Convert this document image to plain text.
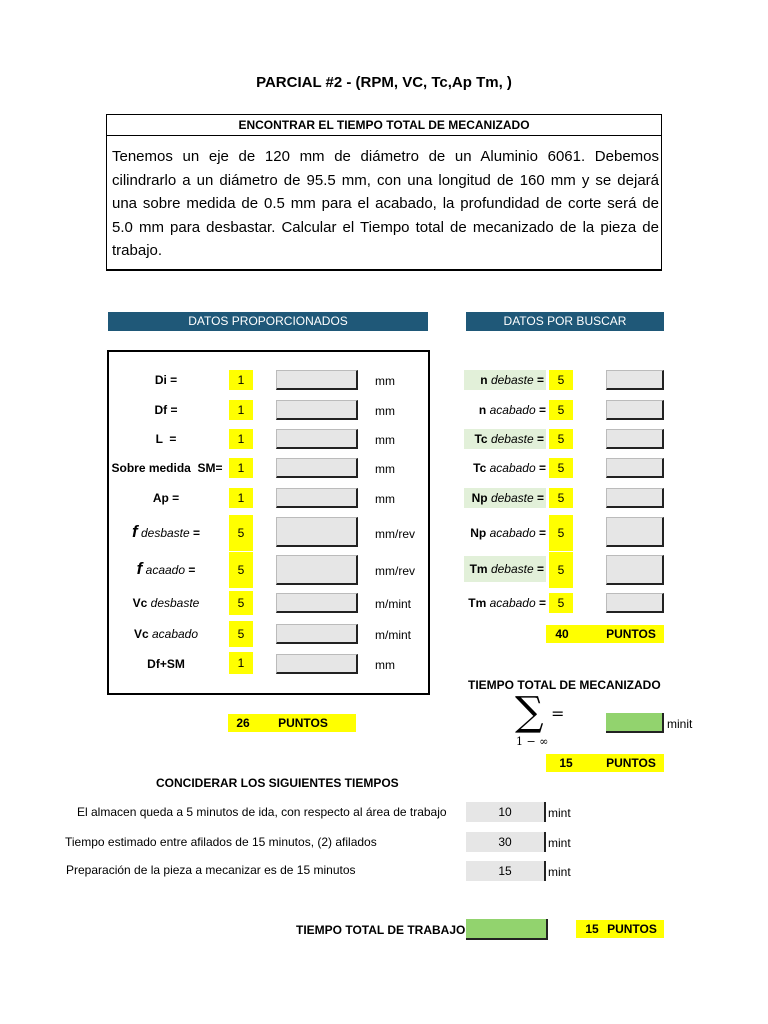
PARCIAL #2 - (RPM, VC, Tc,Ap Tm, )
ENCONTRAR EL TIEMPO TOTAL DE MECANIZADO
Tenemos un eje de 120 mm de diámetro de un Aluminio 6061. Debemos cilindrarlo a un diámetro de 95.5 mm, con una longitud de 160 mm y se dejará una sobre medida de 0.5 mm para el acabado, la profundidad de corte será de 5.0 mm para desbastar. Calcular el Tiempo total de mecanizado de la pieza de trabajo.
DATOS PROPORCIONADOS	DATOS POR BUSCAR
Di =	1	mm
Df =	1	mm
L  =	1	mm
Sobre medida  SM=	1	mm
Ap =	1	mm
f desbaste =	5	mm/rev
f acaado =	5	mm/rev
Vc desbaste	5	m/mint
Vc acabado	5	m/mint
Df+SM	1	mm
26	PUNTOS
n debaste =	5
n acabado = 5
Tc debaste =	5
Tc acabado = 5
Np debaste =	5
Np acabado = 5
Tm debaste =	5
Tm acabado = 5
40	PUNTOS
TIEMPO TOTAL DE MECANIZADO
∑ =
1 − ∞
minit
15	PUNTOS
CONCIDERAR LOS SIGUIENTES TIEMPOS
El almacen queda a 5 minutos de ida, con respecto al área de trabajo	10	mint
Tiempo estimado entre afilados de 15 minutos, (2) afilados	30	mint
Preparación de la pieza a mecanizar es de 15 minutos	15	mint
TIEMPO TOTAL DE TRABAJO	15 PUNTOS
